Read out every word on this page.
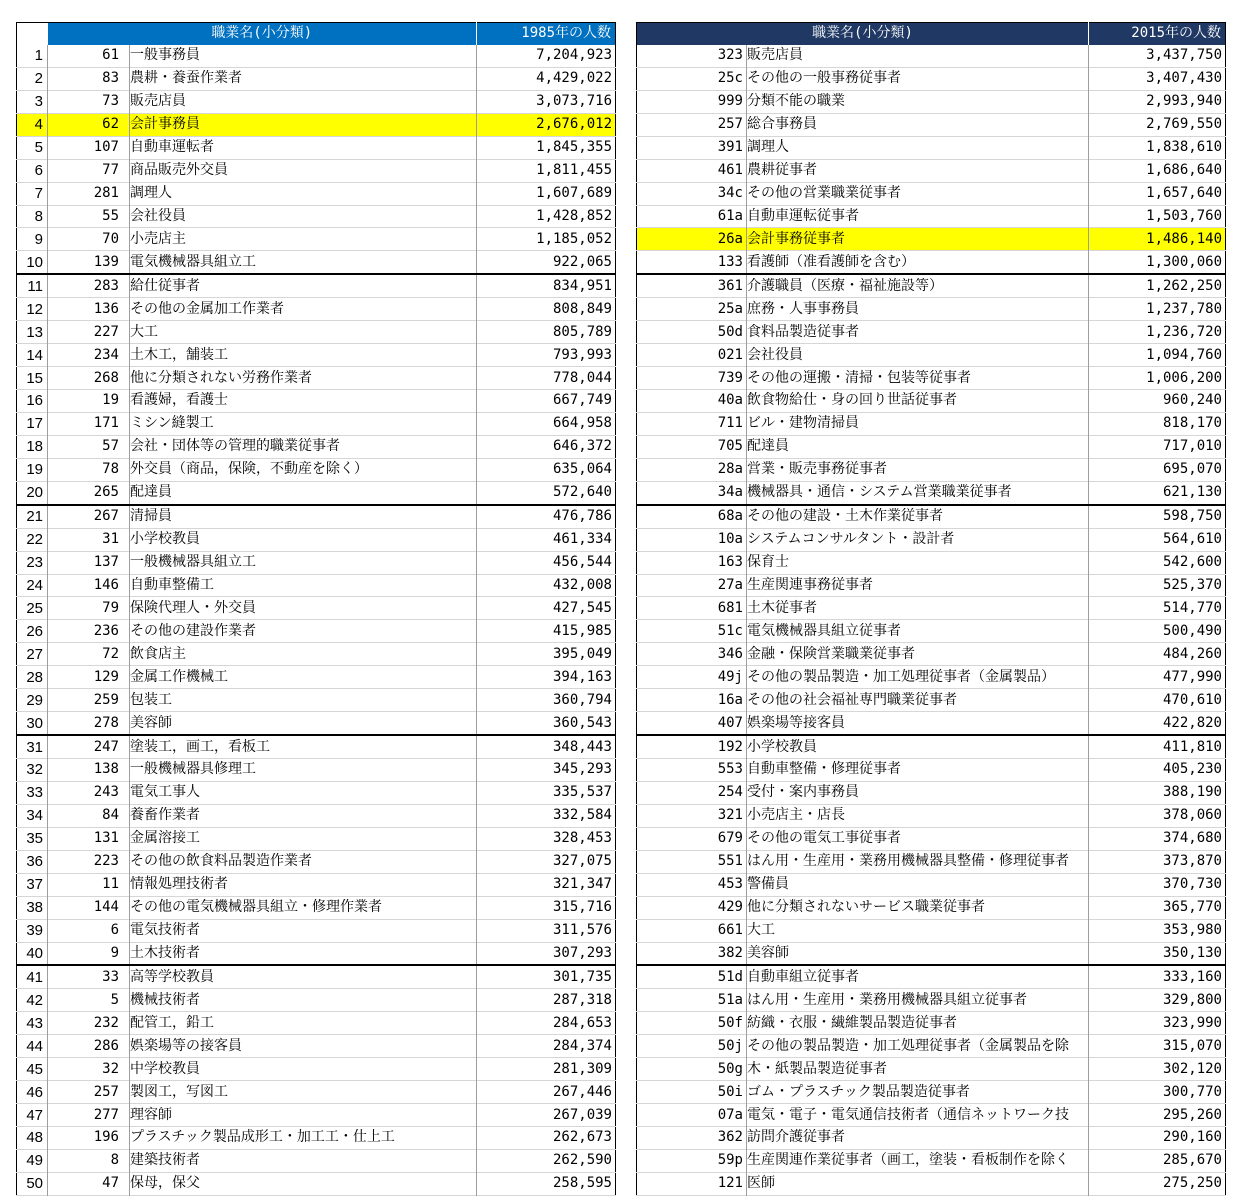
	職業名(小分類)		1985年の人数
1	61	一般事務員	7,204,923
2	83	農耕・養蚕作業者	4,429,022
3	73	販売店員	3,073,716
4	62	会計事務員	2,676,012
5	107	自動車運転者	1,845,355
6	77	商品販売外交員	1,811,455
7	281	調理人	1,607,689
8	55	会社役員	1,428,852
9	70	小売店主	1,185,052
10	139	電気機械器具組立工	922,065
11	283	給仕従事者	834,951
12	136	その他の金属加工作業者	808,849
13	227	大工	805,789
14	234	土木工，舗装工	793,993
15	268	他に分類されない労務作業者	778,044
16	19	看護婦，看護士	667,749
17	171	ミシン縫製工	664,958
18	57	会社・団体等の管理的職業従事者	646,372
19	78	外交員（商品，保険，不動産を除く）	635,064
20	265	配達員	572,640
21	267	清掃員	476,786
22	31	小学校教員	461,334
23	137	一般機械器具組立工	456,544
24	146	自動車整備工	432,008
25	79	保険代理人・外交員	427,545
26	236	その他の建設作業者	415,985
27	72	飲食店主	395,049
28	129	金属工作機械工	394,163
29	259	包装工	360,794
30	278	美容師	360,543
31	247	塗装工，画工，看板工	348,443
32	138	一般機械器具修理工	345,293
33	243	電気工事人	335,537
34	84	養畜作業者	332,584
35	131	金属溶接工	328,453
36	223	その他の飲食料品製造作業者	327,075
37	11	情報処理技術者	321,347
38	144	その他の電気機械器具組立・修理作業者	315,716
39	6	電気技術者	311,576
40	9	土木技術者	307,293
41	33	高等学校教員	301,735
42	5	機械技術者	287,318
43	232	配管工，鉛工	284,653
44	286	娯楽場等の接客員	284,374
45	32	中学校教員	281,309
46	257	製図工，写図工	267,446
47	277	理容師	267,039
48	196	プラスチック製品成形工・加工工・仕上工	262,673
49	8	建築技術者	262,590
50	47	保母，保父	258,595
職業名(小分類)		2015年の人数
323	販売店員	3,437,750
25c	その他の一般事務従事者	3,407,430
999	分類不能の職業	2,993,940
257	総合事務員	2,769,550
391	調理人	1,838,610
461	農耕従事者	1,686,640
34c	その他の営業職業従事者	1,657,640
61a	自動車運転従事者	1,503,760
26a	会計事務従事者	1,486,140
133	看護師（准看護師を含む）	1,300,060
361	介護職員（医療・福祉施設等）	1,262,250
25a	庶務・人事事務員	1,237,780
50d	食料品製造従事者	1,236,720
021	会社役員	1,094,760
739	その他の運搬・清掃・包装等従事者	1,006,200
40a	飲食物給仕・身の回り世話従事者	960,240
711	ビル・建物清掃員	818,170
705	配達員	717,010
28a	営業・販売事務従事者	695,070
34a	機械器具・通信・システム営業職業従事者	621,130
68a	その他の建設・土木作業従事者	598,750
10a	システムコンサルタント・設計者	564,610
163	保育士	542,600
27a	生産関連事務従事者	525,370
681	土木従事者	514,770
51c	電気機械器具組立従事者	500,490
346	金融・保険営業職業従事者	484,260
49j	その他の製品製造・加工処理従事者（金属製品）	477,990
16a	その他の社会福祉専門職業従事者	470,610
407	娯楽場等接客員	422,820
192	小学校教員	411,810
553	自動車整備・修理従事者	405,230
254	受付・案内事務員	388,190
321	小売店主・店長	378,060
679	その他の電気工事従事者	374,680
551	はん用・生産用・業務用機械器具整備・修理従事者	373,870
453	警備員	370,730
429	他に分類されないサービス職業従事者	365,770
661	大工	353,980
382	美容師	350,130
51d	自動車組立従事者	333,160
51a	はん用・生産用・業務用機械器具組立従事者	329,800
50f	紡織・衣服・繊維製品製造従事者	323,990
50j	その他の製品製造・加工処理従事者（金属製品を除	315,070
50g	木・紙製品製造従事者	302,120
50i	ゴム・プラスチック製品製造従事者	300,770
07a	電気・電子・電気通信技術者（通信ネットワーク技	295,260
362	訪問介護従事者	290,160
59p	生産関連作業従事者（画工，塗装・看板制作を除く	285,670
121	医師	275,250
